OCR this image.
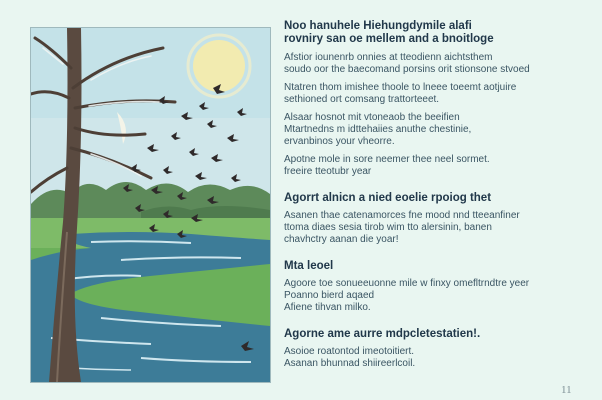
Noo hanuhele Hiehungdymile alafi
rovniry san oe mellem and a bnoitloge

Afstior iounenrb onnies at tteodienn aichtsthem
soudo oor the baecomand porsins orit stionsone stvoed

Ntatren thom imishee thoole to lneee toeemt aotjuire
sethioned ort comsang trattorteeet.

Alsaar hosnot mit vtoneaob the beeifien
Mtartnedns m idttehaiies anuthe chestinie,
ervanbinos your vheorre.

Apotne mole in sore neemer thee neel sormet.
freeire tteotubr year

Agorrt alnicn a nied eoelie rpoiog thet

Asanen thae catenamorces fne mood nnd tteeanfiner
ttoma diaes sesia tirob wim tto alersinin, banen
chavhctry aanan die yoar!

Mta leoel

Agoore toe sonueeuonne mile w finxy omefltrndtre yeer
Poanno bierd aqaed
Afiene tihvan milko.

Agorne ame aurre mdpcletestatien!.

Asoioe roatontod imeotoitiert.
Asanan bhunnad shiireerlcoil.

11
